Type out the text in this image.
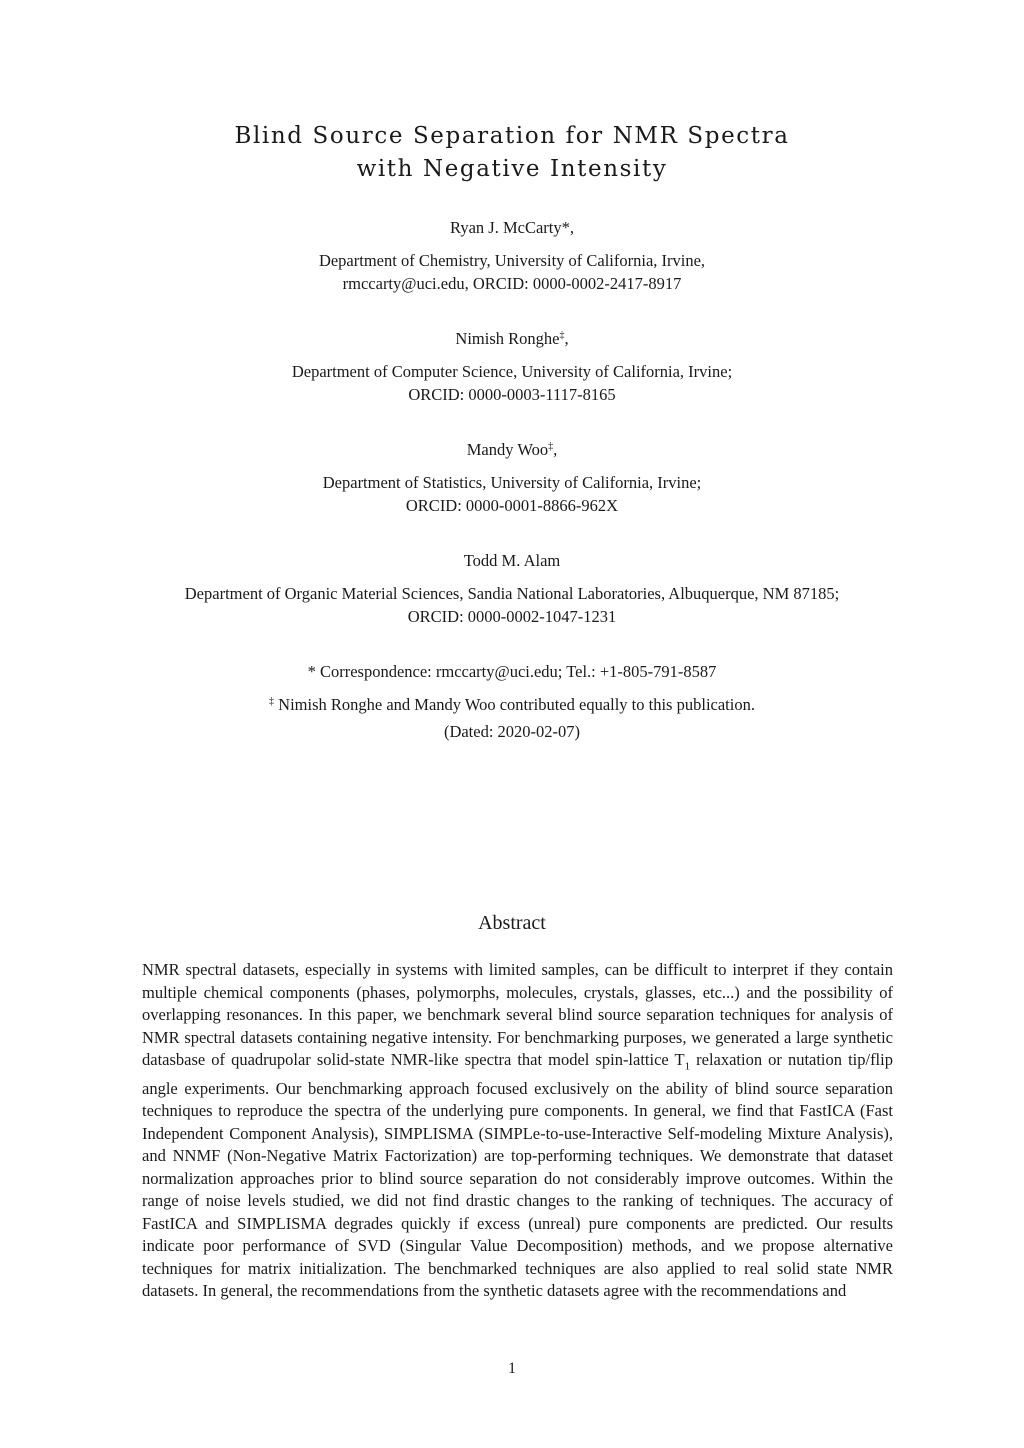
Blind Source Separation for NMR Spectra
with Negative Intensity
Ryan J. McCarty*,
Department of Chemistry, University of California, Irvine,
rmccarty@uci.edu, ORCID: 0000-0002-2417-8917
Nimish Ronghe‡,
Department of Computer Science, University of California, Irvine;
ORCID: 0000-0003-1117-8165
Mandy Woo‡,
Department of Statistics, University of California, Irvine;
ORCID: 0000-0001-8866-962X
Todd M. Alam
Department of Organic Material Sciences, Sandia National Laboratories, Albuquerque, NM 87185;
ORCID: 0000-0002-1047-1231
* Correspondence: rmccarty@uci.edu; Tel.: +1-805-791-8587
‡ Nimish Ronghe and Mandy Woo contributed equally to this publication.
(Dated: 2020-02-07)
Abstract

NMR spectral datasets, especially in systems with limited samples, can be difficult to interpret if they contain multiple chemical components (phases, polymorphs, molecules, crystals, glasses, etc...) and the possibility of overlapping resonances. In this paper, we benchmark several blind source separation techniques for analysis of NMR spectral datasets containing negative intensity. For benchmarking purposes, we generated a large synthetic datasbase of quadrupolar solid-state NMR-like spectra that model spin-lattice $T_1$ relaxation or nutation tip/flip angle experiments. Our benchmarking approach focused exclusively on the ability of blind source separation techniques to reproduce the spectra of the underlying pure components. In general, we find that FastICA (Fast Independent Component Analysis), SIMPLISMA (SIMPLe-to-use-Interactive Self-modeling Mixture Analysis), and NNMF (Non-Negative Matrix Factorization) are top-performing techniques. We demonstrate that dataset normalization approaches prior to blind source separation do not considerably improve outcomes. Within the range of noise levels studied, we did not find drastic changes to the ranking of techniques. The accuracy of FastICA and SIMPLISMA degrades quickly if excess (unreal) pure components are predicted. Our results indicate poor performance of SVD (Singular Value Decomposition) methods, and we propose alternative techniques for matrix initialization. The benchmarked techniques are also applied to real solid state NMR datasets. In general, the recommendations from the synthetic datasets agree with the recommendations and

1
